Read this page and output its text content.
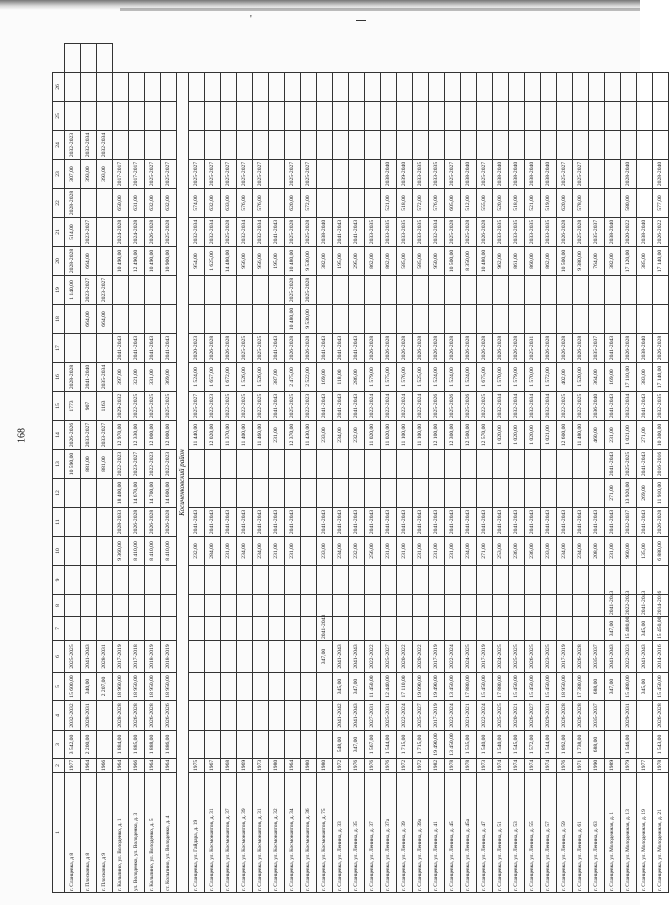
'
168
1	2	3	4	5	6	7	8	9	10	11	12	13	14	15	16	17	18	19	20	21	22	23	24	25	26	
г. Сланцевка, д 8	1977	3 542,00	2032-2032	15 600,00	2025-2025							10 590,00	2026-2026	1773	2028-2028			1 140,00	2028-2028	514,00	2028-2028	307,00	2032-2023			
г. Плосковка, д 8	1964	2 200,00	2028-2031	340,00	2041-2043							881,00	2033-2027	907	2041-2040		664,00	2023-2027	664,00	2023-2027		393,00	2032-2034			
г. Плосковка, д 9	1966			2 207,00	2028-2031							881,00	2033-2027	1163	2035-2034		664,00	2023-2027				393,00	2032-2034			
г. Кольпино, ул. Володенко, д. 1	1964	1 884,00	2028-2028	18 960,00	2017-2019				9 360,00	2028-2033	18 400,00	2022-2023	12 970,00	2029-2032	397,00	2041-2043			10 490,00	2024-2028	650,00	2017-2017				
ул. Володенко, ул. Володенко, д. 3	1966	1 885,00	2026-2028	18 950,00	2017-2018				8 410,00	2026-2028	14 670,00	2023-2027	12 330,00	2022-2025	321,00	2041-2043			12 490,00	2024-2028	631,00	2017-2017				
г. Кольпино, ул. Володенко, д. 5	1964	1 888,00	2026-2028	18 950,00	2018-2019				8 410,00	2026-2028	14 700,00	2022-2023	12 000,00	2025-2025	331,00	2041-2043			10 490,00	2026-2028	632,00	2025-2027				
ст. Кольпино, ул. Володенко, д. 4	1964	1 886,00	2026-2026	18 950,00	2018-2019				8 410,00	2026-2028	14 600,00	2022-2023	12 000,00	2025-2025	369,00	2041-2043			10 900,00	2025-2028	632,00	2025-2027				
Косиченковский район																										
г. Сланцевка, ул. Гайдара, д. 19	1975								232,00	2041-2043			11 440,00	2025-2027	1 524,00	2020-2023			954,00	2032-2034	574,00	2025-2027				
г. Сланцевка, ул. Космонавтов, д. 31	1967								284,00	2041-2043			12 020,00	2022-2023	1 657,00	2026-2028			1 625,00	2032-2034	632,00	2025-2027				
г. Сланцевка, ул. Космонавтов, д. 37	1968								231,00	2041-2043			11 370,00	2022-2025	1 672,00	2026-2028			14 480,00	2025-2028	633,00	2025-2027				
г. Сланцевка, ул. Космонавтов, д. 39	1969								234,00	2041-2043			11 400,00	2022-2025	1 526,00	2025-2025			956,00	2032-2034	576,00	2025-2027				
г. Сланцевка, ул. Космонавтов, д. 31	1973								234,00	2041-2043			11 460,00	2022-2025	1 526,00	2025-2025			956,00	2032-2034	576,00	2025-2027				
г. Сланцевка, ул. Космонавтов, д. 32	1980								231,00	2041-2043			231,00	2041-2043	387,00	2041-2043			195,00	2041-2043						
г. Сланцевка, ул. Космонавтов, д. 34	1964								231,00	2041-2043			12 370,00	2025-2025	2 475,00	2026-2028	10 480,00	2025-2028	10 480,00	2025-2028	620,00	2025-2027				
г. Сланцевка, ул. Космонавтов, д. 36	1980												11 430,00	2022-2023	2 522,00	2026-2028	9 530,00	2025-2028	9 530,00	2025-2028	572,00	2025-2027				
г. Сланцевка, ул. Космонавтов, д. 75	1980				347,00	2041-2043			233,00	2041-2043			233,00	2041-2043	169,00	2041-2043			382,00	2038-2040						
г. Сланцевка, ул. Ленина, д. 33	1972	548,00	2041-2042	345,00	2041-2043				234,00	2041-2043			234,00	2041-2043	118,00	2041-2043			195,00	2041-2043						
г. Сланцевка, ул. Ленина, д. 35	1976	347,00	2041-2043	347,00	2041-2043				232,00	2041-2043			232,00	2041-2043	286,00	2041-2043			295,00	2041-2043						
г. Сланцевка, ул. Ленина, д. 37	1976	1 567,00	2027-2031	11 450,00	2022-2022				256,00	2041-2043			11 020,00	2022-2024	1 579,00	2026-2028			862,00	2033-2035						
г. Сланцевка, ул. Ленина, д. 37а	1976	1 544,00	2025-2031	12 440,00	2025-2027				231,00	2041-2043			11 020,00	2022-2024	1 575,00	2026-2028			862,00	2033-2035	521,00	2038-2040				
г. Сланцевка, ул. Ленина, д. 39	1972	1 715,00	2022-2024	17 110,00	2020-2022				231,00	2041-2043			11 100,00	2022-2024	1 576,00	2026-2028			585,00	2033-2035	518,00	2039-2040				
г. Сланцевка, ул. Ленина, д. 39а	1972	1 715,00	2025-2027	19 090,00	2020-2022				231,00	2041-2043			11 100,00	2022-2024	1 525,00	2026-2028			585,00	2033-2035	572,00	2033-2035				
г. Сланцевка, ул. Ленина, д. 41	1982	19 490,00	2017-2019	19 490,00	2017-2019				231,00	2041-2043			12 100,00	2025-2026	1 524,00	2026-2028			950,00	2032-2034	576,00	2033-2035				
г. Сланцевка, ул. Ленина, д. 45	1978	13 450,00	2022-2024	13 450,00	2022-2024				231,00	2041-2043			12 300,00	2025-2026	1 524,00	2026-2028			10 500,00	2025-2028	605,00	2025-2027				
г. Сланцевка, ул. Ленина, д. 45а	1978	1 535,00	2021-2021	17 880,00	2024-2025				234,00	2041-2043			12 500,00	2025-2026	1 524,00	2026-2028			8 350,00	2025-2028	512,00	2038-2040				
г. Сланцевка, ул. Ленина, д. 47	1973	1 540,00	2022-2024	15 450,00	2017-2019				271,00	2041-2043			12 570,00	2022-2025	1 675,00	2026-2028			10 480,00	2026-2028	555,00	2025-2027				
г. Сланцевка, ул. Ленина, д. 51	1974	1 540,00	2025-2025	17 880,00	2024-2025				253,00	2041-2043			1 020,00	2032-2034	1 570,00	2026-2028			962,00	2033-2035	520,00	2038-2040				
г. Сланцевка, ул. Ленина, д. 53	1974	1 545,00	2020-2021	15 450,00	2025-2025				236,00	2041-2043			1 020,00	2032-2034	1 579,00	2026-2028			861,00	2033-2035	518,00	2038-2040				
г. Сланцевка, ул. Ленина, д. 55	1974	1 572,00	2026-2027	15 450,00	2026-2025				236,00	2041-2043			1 020,00	2032-2034	1 570,00	2025-2031			860,00	2033-2035	521,00	2038-2040				
г. Сланцевка, ул. Ленина, д. 57	1974	1 544,00	2029-2031	15 450,00	2023-2025				233,00	2041-2043			1 021,00	2032-2034	1 572,00	2026-2028			862,00	2033-2035	519,00	2038-2040				
г. Сланцевка, ул. Ленина, д. 59	1976	1 892,00	2026-2028	18 950,00	2017-2019				234,00	2041-2043			12 600,00	2022-2025	402,00	2026-2028			10 500,00	2026-2028	620,00	2025-2027				
г. Сланцевка, ул. Ленина, д. 61	1971	1 738,00	2026-2028	17 380,00	2026-2028				234,00	2041-2043			11 480,00	2022-2025	1 520,00	2026-2028			9 380,00	2025-2028	578,00	2025-2027				
г. Сланцевка, ул. Ленина, д. 63	1990	688,00	2035-2037	688,00	2035-2037				208,00	2041-2043			460,00	2036-2040	364,00	2035-2037			764,00	2035-2037						
г. Сланцевка, ул. Молодежная, д. 1	1989			347,00	2041-2043	347,00	2041-2043		231,00	2041-2043	271,00	2041-2043	231,00	2041-2043	169,00	2041-2043			382,00	2038-2040						
г. Сланцевка, ул. Молодежная, д. 13	1979	1 546,00	2029-2031	15 480,00	2022-2023	15 480,00	2022-2023		960,00	2032-2037	13 920,00	2025-2025	1 021,00	2032-2034	17 110,00	2026-2028			17 120,00	2020-2022	580,00	2028-2040				
г. Сланцевка, ул. Молодежная, д. 19	1977			345,00	2041-2043	345,00	2041-2043		135,00	2041-2043	269,00	2041-2043	271,00	2041-2043	383,00	2038-2040			385,00	2038-2040						
г. Сланцевка, ул. Молодежная, д. 21	1978	1 543,00	2026-2028	15 450,00	2014-2016	15 450,00	2014-2016		6 880,00	2026-2028	11 910,00	2016-2016	10 300,00	2032-2035	17 140,00	2026-2028			17 140,00	2026-2022	577,00	2028-2040				
